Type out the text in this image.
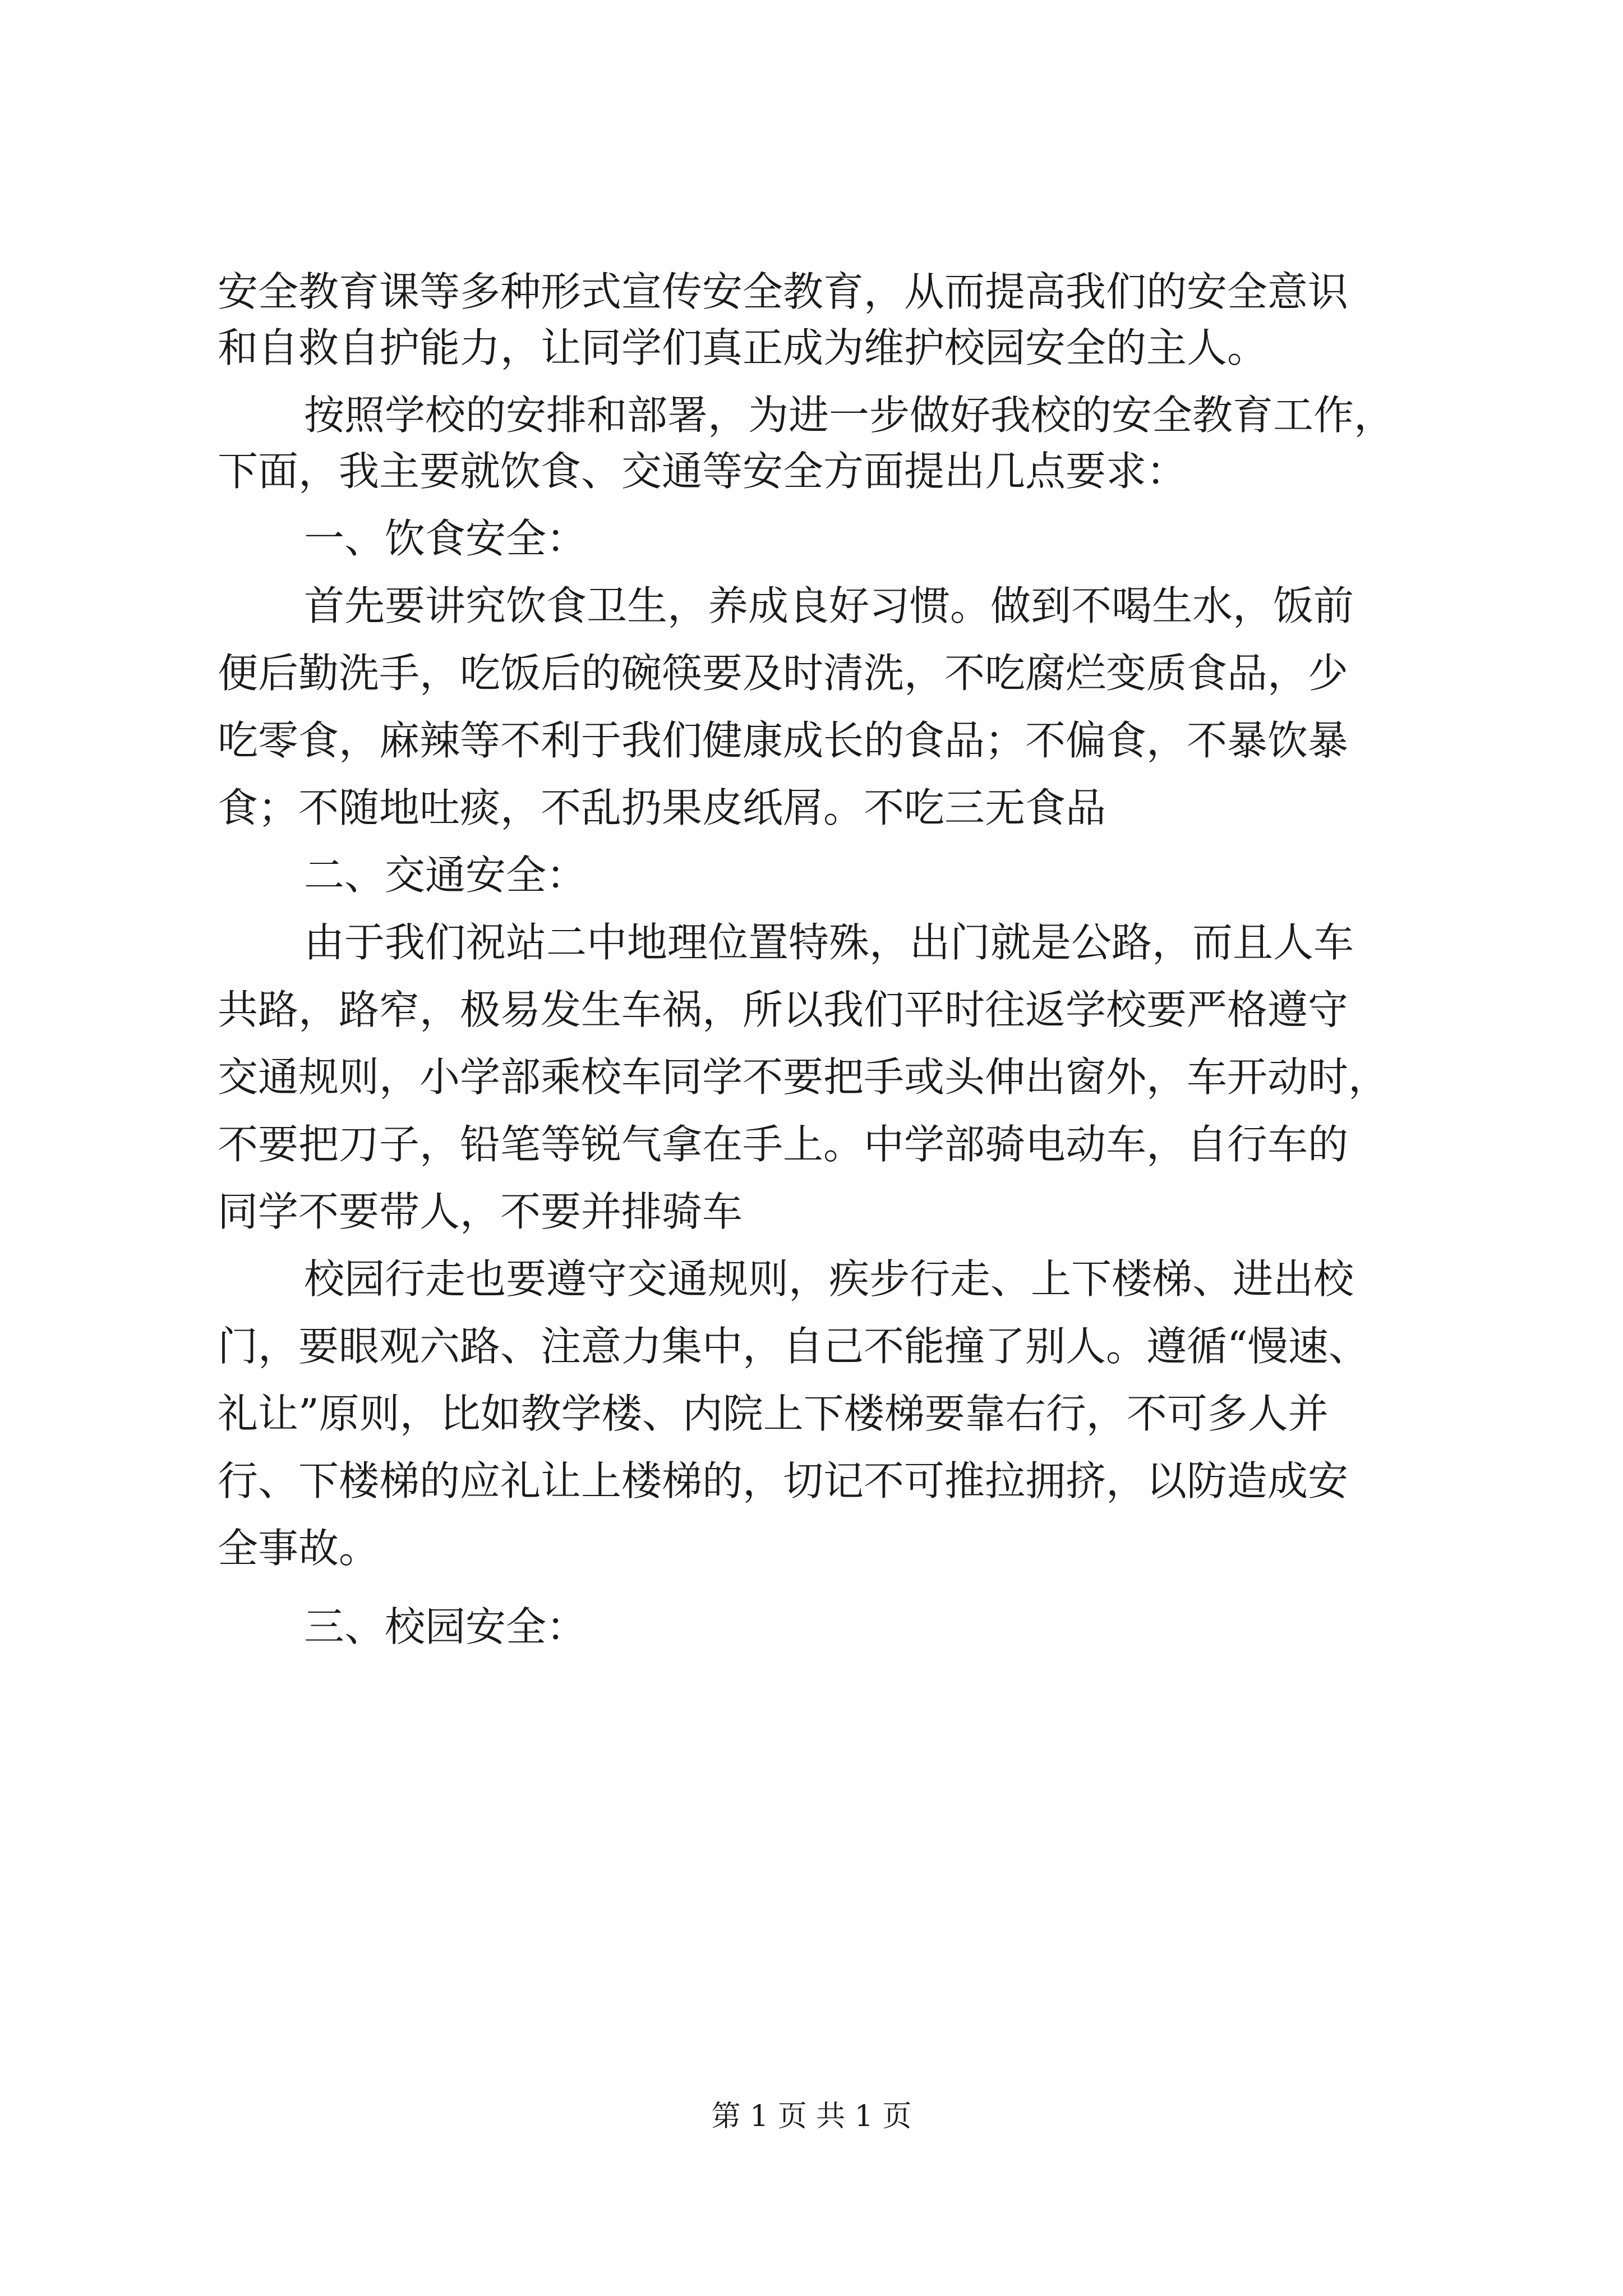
安全教育课等多种形式宣传安全教育，从而提高我们的安全意识
和自救自护能力，让同学们真正成为维护校园安全的主人。
按照学校的安排和部署，为进一步做好我校的安全教育工作，
下面，我主要就饮食、交通等安全方面提出几点要求：
一、饮食安全：
首先要讲究饮食卫生，养成良好习惯。做到不喝生水，饭前
便后勤洗手，吃饭后的碗筷要及时清洗，不吃腐烂变质食品，少
吃零食，麻辣等不利于我们健康成长的食品；不偏食，不暴饮暴
食；不随地吐痰，不乱扔果皮纸屑。不吃三无食品
二、交通安全：
由于我们祝站二中地理位置特殊，出门就是公路，而且人车
共路，路窄，极易发生车祸，所以我们平时往返学校要严格遵守
交通规则，小学部乘校车同学不要把手或头伸出窗外，车开动时，
不要把刀子，铅笔等锐气拿在手上。中学部骑电动车，自行车的
同学不要带人，不要并排骑车
校园行走也要遵守交通规则，疾步行走、上下楼梯、进出校
门，要眼观六路、注意力集中，自己不能撞了别人。遵循“慢速、
礼让”原则，比如教学楼、内院上下楼梯要靠右行，不可多人并
行、下楼梯的应礼让上楼梯的，切记不可推拉拥挤，以防造成安
全事故。
三、校园安全：
第 1 页 共 1 页
